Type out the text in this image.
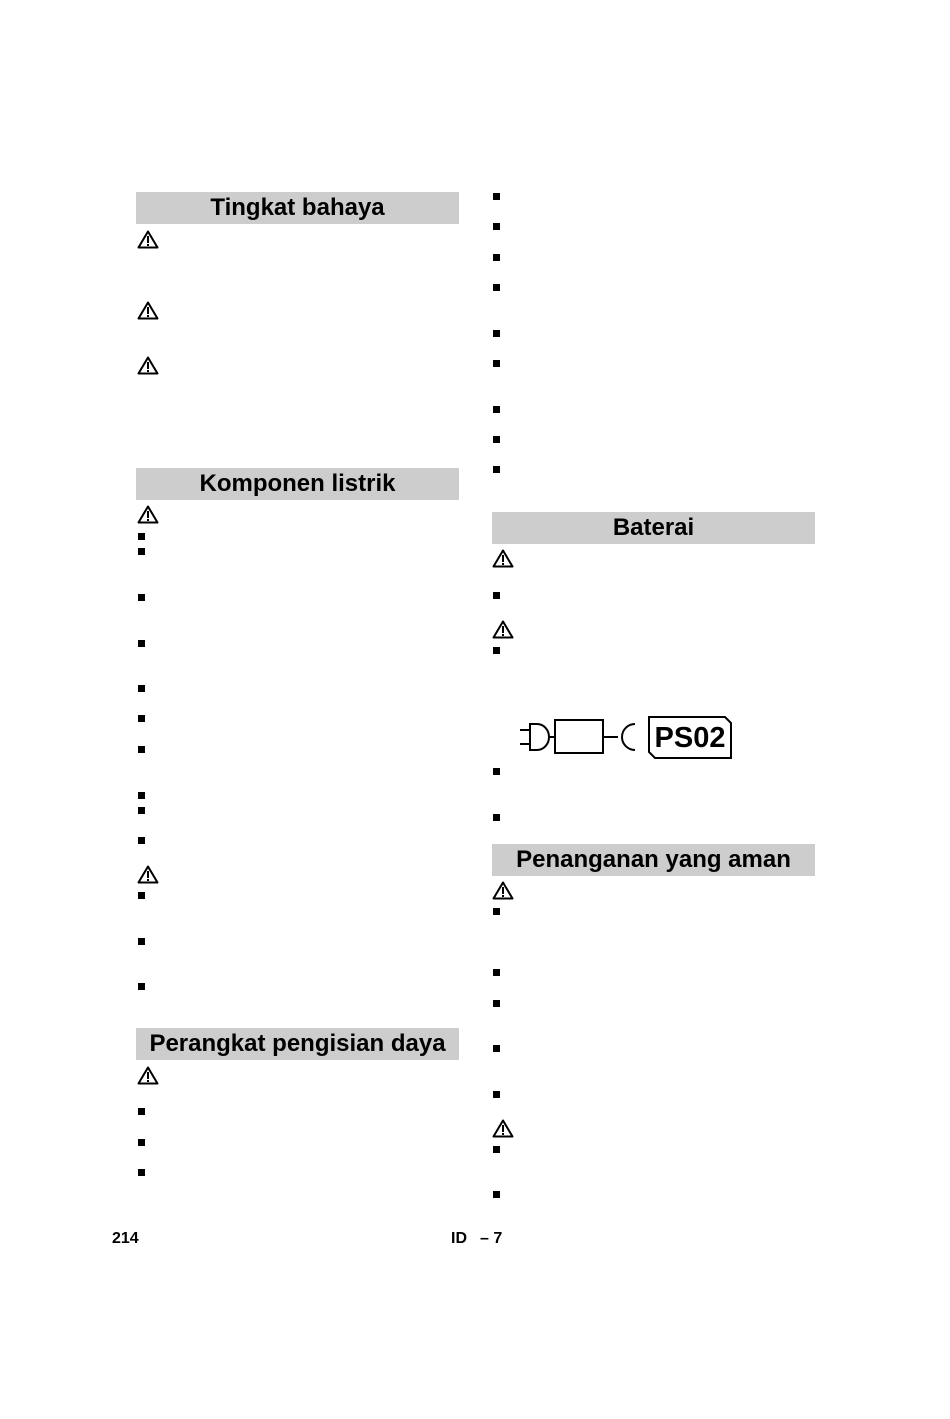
Tingkat bahaya
Komponen listrik
Perangkat pengisian daya
Baterai
PS02
Penanganan yang aman
214	ID – 7
